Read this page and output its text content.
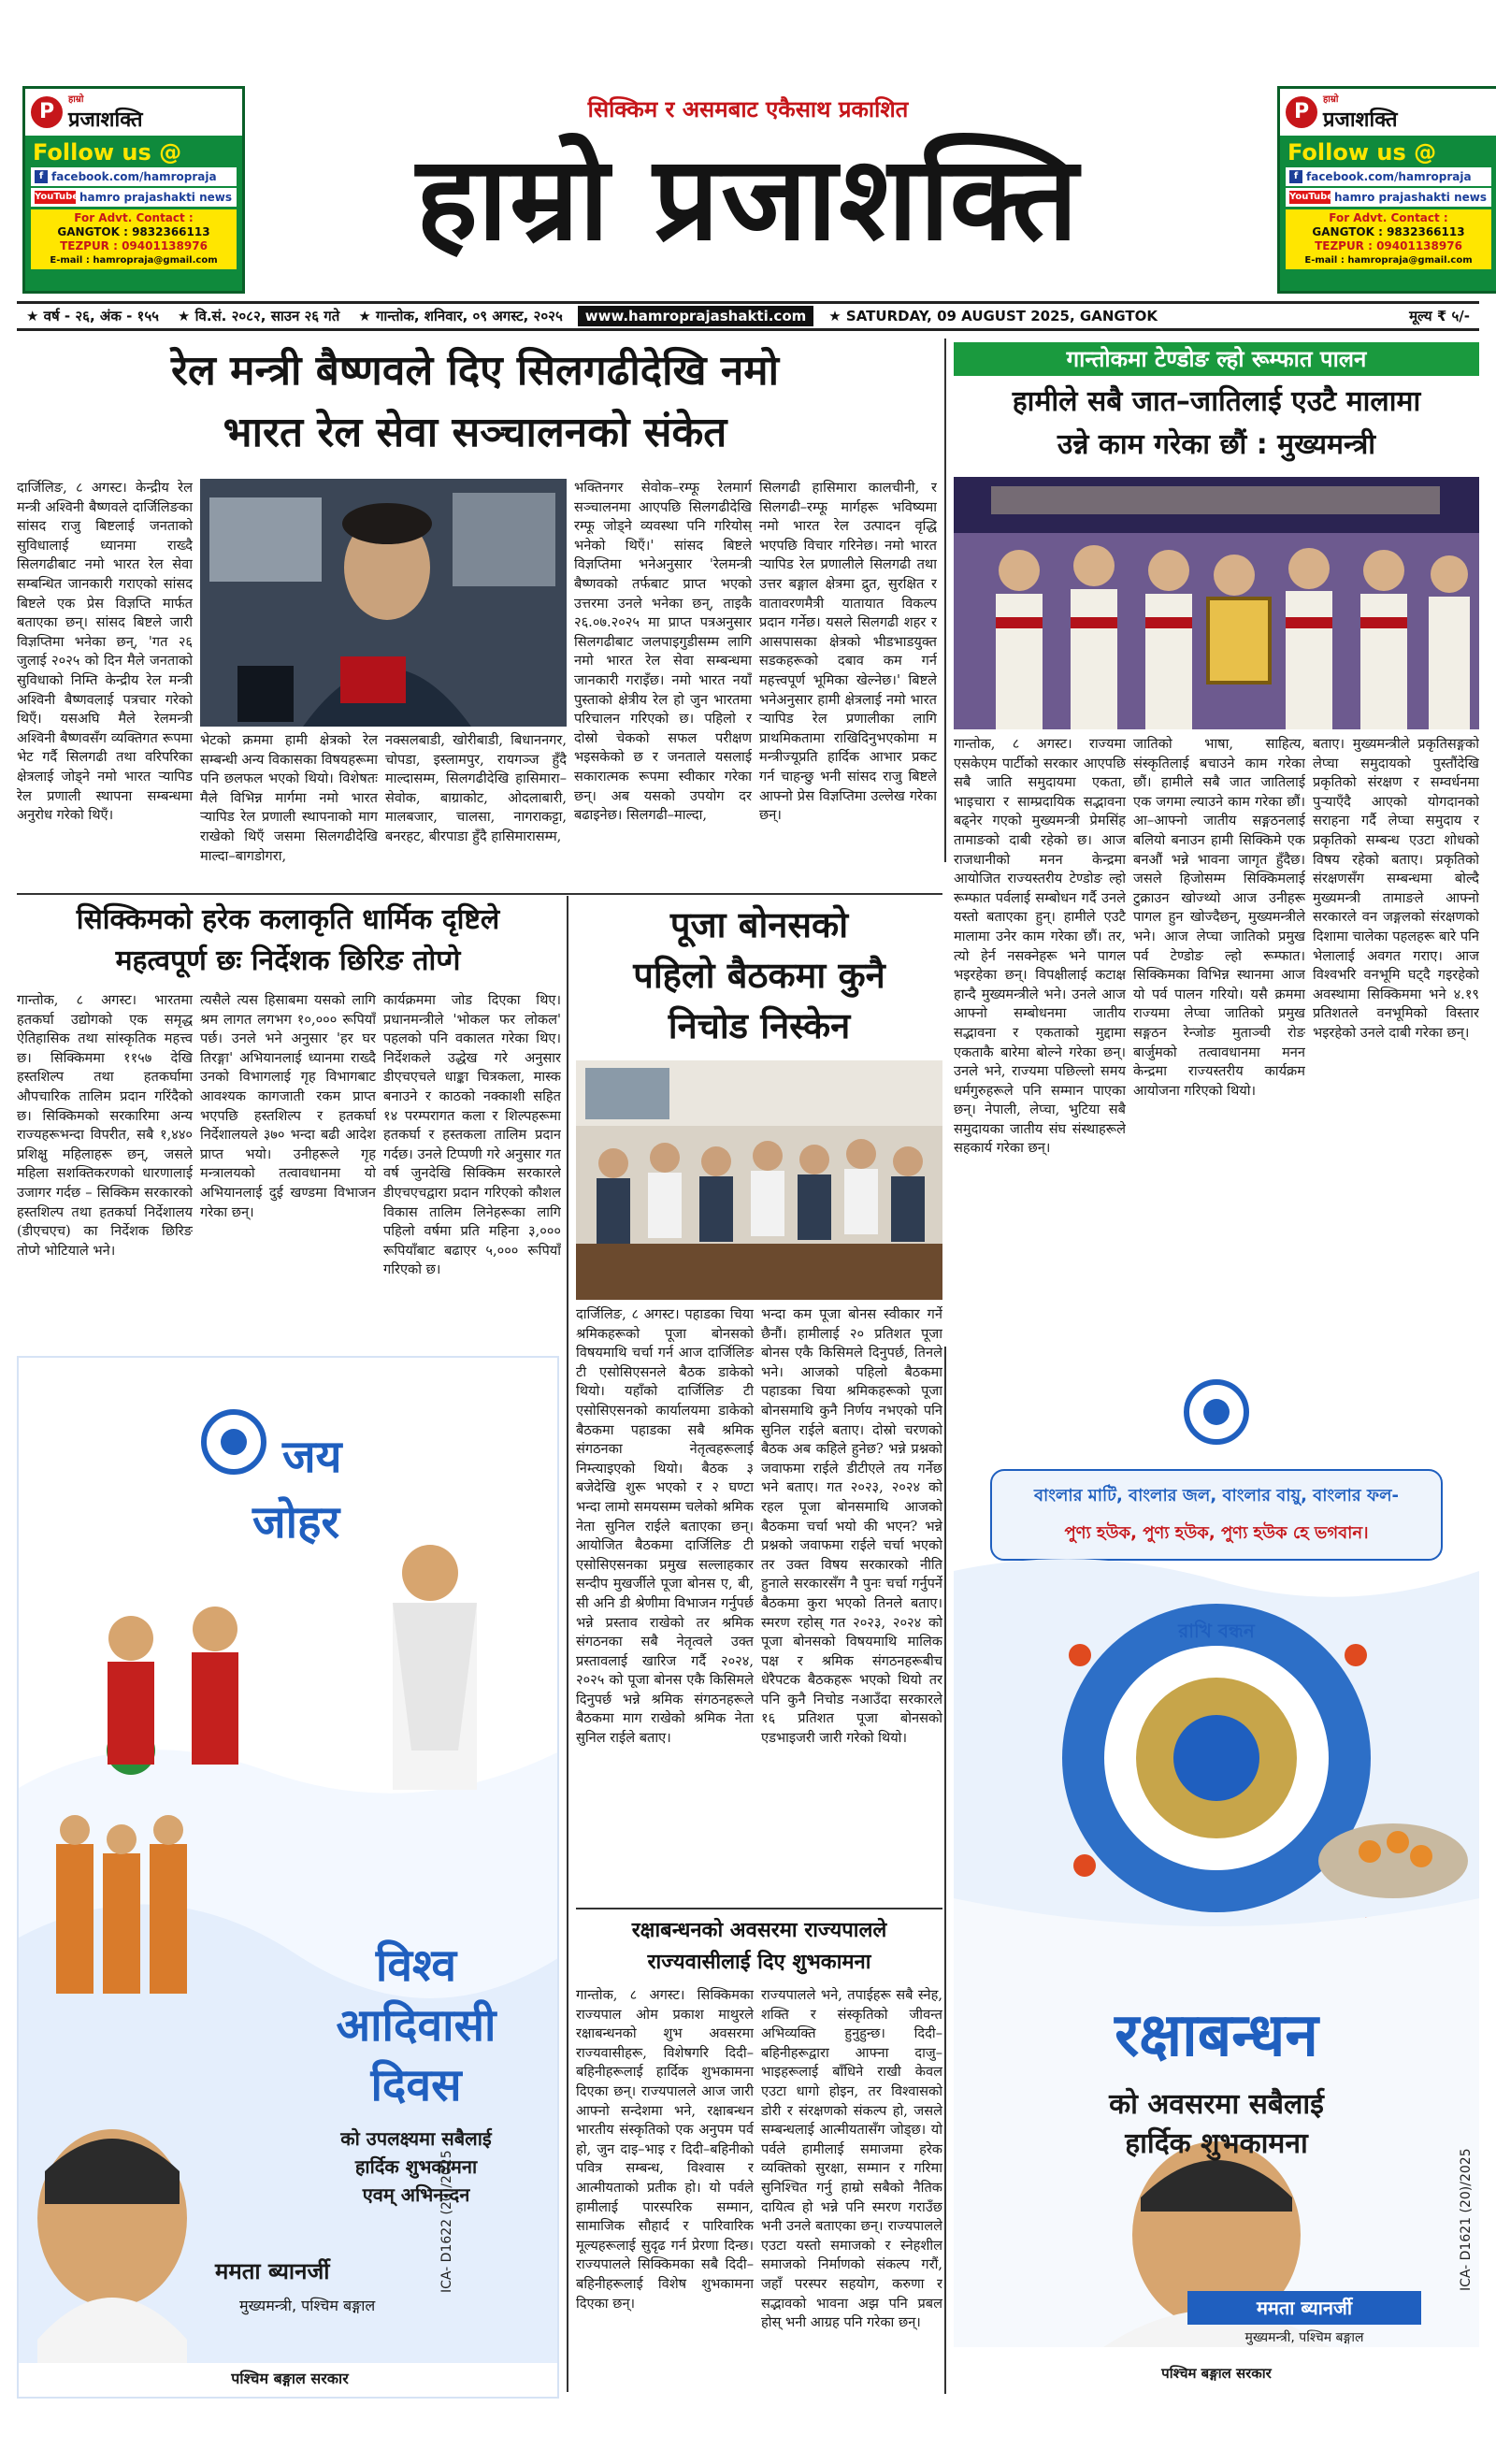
P
हाम्रो
प्रजाशक्ति
Follow us @
f facebook.com/hamropraja
YouTube hamro prajashakti news
For Advt. Contact :
GANGTOK : 9832366113
TEZPUR : 09401138976
E-mail : hamropraja@gmail.com
P
हाम्रो
प्रजाशक्ति
Follow us @
f facebook.com/hamropraja
YouTube hamro prajashakti news
For Advt. Contact :
GANGTOK : 9832366113
TEZPUR : 09401138976
E-mail : hamropraja@gmail.com
सिक्किम र असमबाट एकैसाथ प्रकाशित
हाम्रो प्रजाशक्ति
★ वर्ष - २६, अंक - १५५	★ वि.सं. २०८२, साउन २६ गते	★ गान्तोक, शनिवार, ०९ अगस्ट, २०२५	www.hamroprajashakti.com	★ SATURDAY, 09 AUGUST 2025, GANGTOK	मूल्य ₹ ५/-
रेल मन्त्री बैष्णवले दिए सिलगढीदेखि नमो
भारत रेल सेवा सञ्चालनको संकेत
दार्जिलिङ, ८ अगस्ट। केन्द्रीय रेल मन्त्री अश्विनी बैष्णवले दार्जिलिङका सांसद राजु बिष्टलाई जनताको सुविधालाई ध्यानमा राख्दै सिलगढीबाट नमो भारत रेल सेवा सम्बन्धित जानकारी गराएको सांसद बिष्टले एक प्रेस विज्ञप्ति मार्फत बताएका छन्। सांसद बिष्टले जारी विज्ञप्तिमा भनेका छन्, 'गत २६ जुलाई २०२५ को दिन मैले जनताको सुविधाको निम्ति केन्द्रीय रेल मन्त्री अश्विनी बैष्णवलाई पत्रचार गरेको थिएँ। यसअघि मैले रेलमन्त्री अश्विनी बैष्णवसँग व्यक्तिगत रूपमा भेट गर्दै सिलगढी तथा वरिपरिका क्षेत्रलाई जोड्ने नमो भारत र्‍यापिड रेल प्रणाली स्थापना सम्बन्धमा अनुरोध गरेको थिएँ।
भेटको क्रममा हामी क्षेत्रको रेल सम्बन्धी अन्य विकासका विषयहरूमा पनि छलफल भएको थियो। विशेषतः मैले विभिन्न मार्गमा नमो भारत र्‍यापिड रेल प्रणाली स्थापनाको माग राखेको थिएँ जसमा सिलगढीदेखि माल्दा–बागडोगरा,
नक्सलबाडी, खोरीबाडी, बिधाननगर, चोपडा, इस्लामपुर, रायगञ्ज हुँदै माल्दासम्म, सिलगढीदेखि हासिमारा– सेवोक, बाग्राकोट, ओदलाबारी, मालबजार, चालसा, नागराकट्टा, बनरहट, बीरपाडा हुँदै हासिमारासम्म,
भक्तिनगर सेवोक–रम्फू रेलमार्ग सञ्चालनमा आएपछि सिलगढीदेखि रम्फू जोड्ने व्यवस्था पनि गरियोस् भनेको थिएँ।' सांसद बिष्टले विज्ञप्तिमा भनेअनुसार 'रेलमन्त्री बैष्णवको तर्फबाट प्राप्त भएको उत्तरमा उनले भनेका छन्, ताइकै २६.०७.२०२५ मा प्राप्त पत्रअनुसार सिलगढीबाट जलपाइगुडीसम्म लागि नमो भारत रेल सेवा सम्बन्धमा जानकारी गराइँछ। नमो भारत नयाँ पुस्ताको क्षेत्रीय रेल हो जुन भारतमा परिचालन गरिएको छ। पहिलो र दोस्रो चेकको सफल परीक्षण भइसकेको छ र जनताले यसलाई सकारात्मक रूपमा स्वीकार गरेका छन्। अब यसको उपयोग दर बढाइनेछ। सिलगढी–माल्दा,
सिलगढी हासिमारा कालचीनी, र सिलगढी–रम्फू मार्गहरू भविष्यमा नमो भारत रेल उत्पादन वृद्धि भएपछि विचार गरिनेछ। नमो भारत र्‍यापिड रेल प्रणालीले सिलगढी तथा उत्तर बङ्गाल क्षेत्रमा द्रुत, सुरक्षित र वातावरणमैत्री यातायात विकल्प प्रदान गर्नेछ। यसले सिलगढी शहर र आसपासका क्षेत्रको भीडभाडयुक्त सडकहरूको दबाव कम गर्न महत्त्वपूर्ण भूमिका खेल्नेछ।' बिष्टले भनेअनुसार हामी क्षेत्रलाई नमो भारत र्‍यापिड रेल प्रणालीका लागि प्राथमिकतामा राखिदिनुभएकोमा म मन्त्रीज्यूप्रति हार्दिक आभार प्रकट गर्न चाहन्छु भनी सांसद राजु बिष्टले आफ्नो प्रेस विज्ञप्तिमा उल्लेख गरेका छन्।
गान्तोकमा टेण्डोङ ल्हो रूम्फात पालन
हामीले सबै जात–जातिलाई एउटै मालामा
उन्ने काम गरेका छौं : मुख्यमन्त्री
गान्तोक, ८ अगस्ट। राज्यमा एसकेएम पार्टीको सरकार आएपछि सबै जाति समुदायमा एकता, भाइचारा र साम्प्रदायिक सद्भावना बढ्नेर गएको मुख्यमन्त्री प्रेमसिंह तामाङको दाबी रहेको छ। आज राजधानीको मनन केन्द्रमा आयोजित राज्यस्तरीय टेण्डोङ ल्हो रूम्फात पर्वलाई सम्बोधन गर्दै उनले यस्तो बताएका हुन्। हामीले एउटै मालामा उनेर काम गरेका छौं। तर, त्यो हेर्न नसक्नेहरू भने पागल भइरहेका छन्। विपक्षीलाई कटाक्ष हान्दै मुख्यमन्त्रीले भने। उनले आज आफ्नो सम्बोधनमा जातीय सद्भावना र एकताको मुद्दामा एकताकै बारेमा बोल्ने गरेका छन्। उनले भने, राज्यमा पछिल्लो समय धर्मगुरुहरूले पनि सम्मान पाएका छन्। नेपाली, लेप्चा, भुटिया सबै समुदायका जातीय संघ संस्थाहरूले सहकार्य गरेका छन्।
जातिको भाषा, साहित्य, संस्कृतिलाई बचाउने काम गरेका छौं। हामीले सबै जात जातिलाई एक जगमा ल्याउने काम गरेका छौं। आ–आफ्नो जातीय सङ्गठनलाई बलियो बनाउन हामी सिक्किमे एक बनऔं भन्ने भावना जागृत हुँदैछ। जसले हिजोसम्म सिक्किमलाई टुक्राउन खोज्थ्यो आज उनीहरू पागल हुन खोज्दैछन्, मुख्यमन्त्रीले भने। आज लेप्चा जातिको प्रमुख पर्व टेण्डोङ ल्हो रूम्फात। सिक्किमका विभिन्न स्थानमा आज यो पर्व पालन गरियो। यसै क्रममा राज्यमा लेप्चा जातिको प्रमुख सङ्गठन रेन्जोङ मुताञ्ची रोङ बार्जुमको तत्वावधानमा मनन केन्द्रमा राज्यस्तरीय कार्यक्रम आयोजना गरिएको थियो।
बताए। मुख्यमन्त्रीले प्रकृतिसङ्गको लेप्चा समुदायको पुस्तौंदेखि प्रकृतिको संरक्षण र सम्वर्धनमा पुऱ्याएँदै आएको योगदानको सराहना गर्दै लेप्चा समुदाय र प्रकृतिको सम्बन्ध एउटा शोधको विषय रहेको बताए। प्रकृतिको संरक्षणसँग सम्बन्धमा बोल्दै मुख्यमन्त्री तामाङले आफ्नो सरकारले वन जङ्गलको संरक्षणको दिशामा चालेका पहलहरू बारे पनि भेलालाई अवगत गराए। आज विश्वभरि वनभूमि घट्दै गइरहेको अवस्थामा सिक्किममा भने ४.१९ प्रतिशतले वनभूमिको विस्तार भइरहेको उनले दाबी गरेका छन्।
सिक्किमको हरेक कलाकृति धार्मिक दृष्टिले
महत्वपूर्ण छः निर्देशक छिरिङ तोप्गे
गान्तोक, ८ अगस्ट। भारतमा हतकर्घा उद्योगको एक समृद्ध ऐतिहासिक तथा सांस्कृतिक महत्त्व छ। सिक्किममा ११५७ देखि हस्तशिल्प तथा हतकर्घामा औपचारिक तालिम प्रदान गरिंदैको छ। सिक्किमको सरकारिमा अन्य राज्यहरूभन्दा विपरीत, सबै १,४४० प्रशिक्षु महिलाहरू छन्, जसले महिला सशक्तिकरणको धारणालाई उजागर गर्दछ – सिक्किम सरकारको हस्तशिल्प तथा हतकर्घा निर्देशालय (डीएचएच) का निर्देशक छिरिङ तोप्गे भोटियाले भने।
त्यसैले त्यस हिसाबमा यसको लागि श्रम लागत लगभग १०,००० रूपियाँ पर्छ। उनले भने अनुसार 'हर घर तिरङ्गा' अभियानलाई ध्यानमा राख्दै उनको विभागलाई गृह विभागबाट आवश्यक कागजाती रकम प्राप्त भएपछि हस्तशिल्प र हतकर्घा निर्देशालयले ३७० भन्दा बढी आदेश प्राप्त भयो। उनीहरूले गृह मन्त्रालयको तत्वावधानमा यो अभियानलाई दुई खण्डमा विभाजन गरेका छन्।
कार्यक्रममा जोड दिएका थिए। प्रधानमन्त्रीले 'भोकल फर लोकल' पहलको पनि वकालत गरेका थिए। निर्देशकले उद्धेख गरे अनुसार डीएचएचले धाङ्का चित्रकला, मास्क बनाउने र काठको नक्काशी सहित १४ परम्परागत कला र शिल्पहरूमा हतकर्घा र हस्तकला तालिम प्रदान गर्दछ। उनले टिप्पणी गरे अनुसार गत वर्ष जुनदेखि सिक्किम सरकारले डीएचएचद्वारा प्रदान गरिएको कौशल विकास तालिम लिनेहरूका लागि पहिलो वर्षमा प्रति महिना ३,००० रूपियाँबाट बढाएर ५,००० रूपियाँ गरिएको छ।
पूजा बोनसको
पहिलो बैठकमा कुनै
निचोड निस्केन
दार्जिलिङ, ८ अगस्ट। पहाडका चिया श्रमिकहरूको पूजा बोनसको विषयमाथि चर्चा गर्न आज दार्जिलिङ टी एसोसिएसनले बैठक डाकेको थियो। यहाँको दार्जिलिङ टी एसोसिएसनको कार्यालयमा डाकेको बैठकमा पहाडका सबै श्रमिक संगठनका नेतृत्वहरूलाई निम्त्याइएको थियो। बैठक ३ बजेदेखि शुरू भएको र २ घण्टा भन्दा लामो समयसम्म चलेको श्रमिक नेता सुनिल राईले बताएका छन्। आयोजित बैठकमा दार्जिलिङ टी एसोसिएसनका प्रमुख सल्लाहकार सन्दीप मुखर्जीले पूजा बोनस ए, बी, सी अनि डी श्रेणीमा विभाजन गर्नुपर्छ भन्ने प्रस्ताव राखेको तर श्रमिक संगठनका सबै नेतृत्वले उक्त प्रस्तावलाई खारिज गर्दै २०२४, २०२५ को पूजा बोनस एकै किसिमले दिनुपर्छ भन्ने श्रमिक संगठनहरूले बैठकमा माग राखेको श्रमिक नेता सुनिल राईले बताए।
भन्दा कम पूजा बोनस स्वीकार गर्ने छैनौं। हामीलाई २० प्रतिशत पूजा बोनस एकै किसिमले दिनुपर्छ, तिनले भने। आजको पहिलो बैठकमा पहाडका चिया श्रमिकहरूको पूजा बोनसमाथि कुनै निर्णय नभएको पनि सुनिल राईले बताए। दोस्रो चरणको बैठक अब कहिले हुनेछ? भन्ने प्रश्नको जवाफमा राईले डीटीएले तय गर्नेछ भने बताए। गत २०२३, २०२४ को रहल पूजा बोनसमाथि आजको बैठकमा चर्चा भयो की भएन? भन्ने प्रश्नको जवाफमा राईले चर्चा भएको तर उक्त विषय सरकारको नीति हुनाले सरकारसँग नै पुनः चर्चा गर्नुपर्ने बैठकमा कुरा भएको तिनले बताए। स्मरण रहोस् गत २०२३, २०२४ को पूजा बोनसको विषयमाथि मालिक पक्ष र श्रमिक संगठनहरूबीच धेरैपटक बैठकहरू भएको थियो तर पनि कुनै निचोड नआउँदा सरकारले १६ प्रतिशत पूजा बोनसको एडभाइजरी जारी गरेको थियो।
रक्षाबन्धनको अवसरमा राज्यपालले
राज्यवासीलाई दिए शुभकामना
गान्तोक, ८ अगस्ट। सिक्किमका राज्यपाल ओम प्रकाश माथुरले रक्षाबन्धनको शुभ अवसरमा राज्यवासीहरू, विशेषगरि दिदी–बहिनीहरूलाई हार्दिक शुभकामना दिएका छन्। राज्यपालले आज जारी आफ्नो सन्देशमा भने, रक्षाबन्धन भारतीय संस्कृतिको एक अनुपम पर्व हो, जुन दाइ–भाइ र दिदी–बहिनीको पवित्र सम्बन्ध, विश्वास र आत्मीयताको प्रतीक हो। यो पर्वले हामीलाई पारस्परिक सम्मान, सामाजिक सौहार्द र पारिवारिक मूल्यहरूलाई सुदृढ गर्न प्रेरणा दिन्छ। राज्यपालले सिक्किमका सबै दिदी–बहिनीहरूलाई विशेष शुभकामना दिएका छन्।
राज्यपालले भने, तपाईहरू सबै स्नेह, शक्ति र संस्कृतिको जीवन्त अभिव्यक्ति हुनुहुन्छ। दिदी–बहिनीहरूद्वारा आफ्ना दाजु–भाइहरूलाई बाँधिने राखी केवल एउटा धागो होइन, तर विश्वासको डोरी र संरक्षणको संकल्प हो, जसले सम्बन्धलाई आत्मीयतासँग जोड्छ। यो पर्वले हामीलाई समाजमा हरेक व्यक्तिको सुरक्षा, सम्मान र गरिमा सुनिश्चित गर्नु हाम्रो सबैको नैतिक दायित्व हो भन्ने पनि स्मरण गराउँछ भनी उनले बताएका छन्। राज्यपालले एउटा यस्तो समाजको र स्नेहशील समाजको निर्माणको संकल्प गरौं, जहाँ परस्पर सहयोग, करुणा र सद्भावको भावना अझ पनि प्रबल होस् भनी आग्रह पनि गरेका छन्।
जय
जोहर
विश्व
आदिवासी
दिवस
को उपलक्ष्यमा सबैलाई
हार्दिक शुभकामना
एवम् अभिनन्दन
ममता ब्यानर्जी
मुख्यमन्त्री, पश्चिम बङ्गाल
पश्चिम बङ्गाल सरकार
ICA- D1622 (20)/2025
বাংলার মাটি, বাংলার জল, বাংলার বায়ু, বাংলার ফল-
পুণ্য হউক, পুণ্য হউক, পুণ্য হউক হে ভগবান।
রাখি বন্ধন
रक्षाबन्धन
को अवसरमा सबैलाई
हार्दिक शुभकामना
ममता ब्यानर्जी
मुख्यमन्त्री, पश्चिम बङ्गाल
पश्चिम बङ्गाल सरकार
ICA- D1621 (20)/2025
